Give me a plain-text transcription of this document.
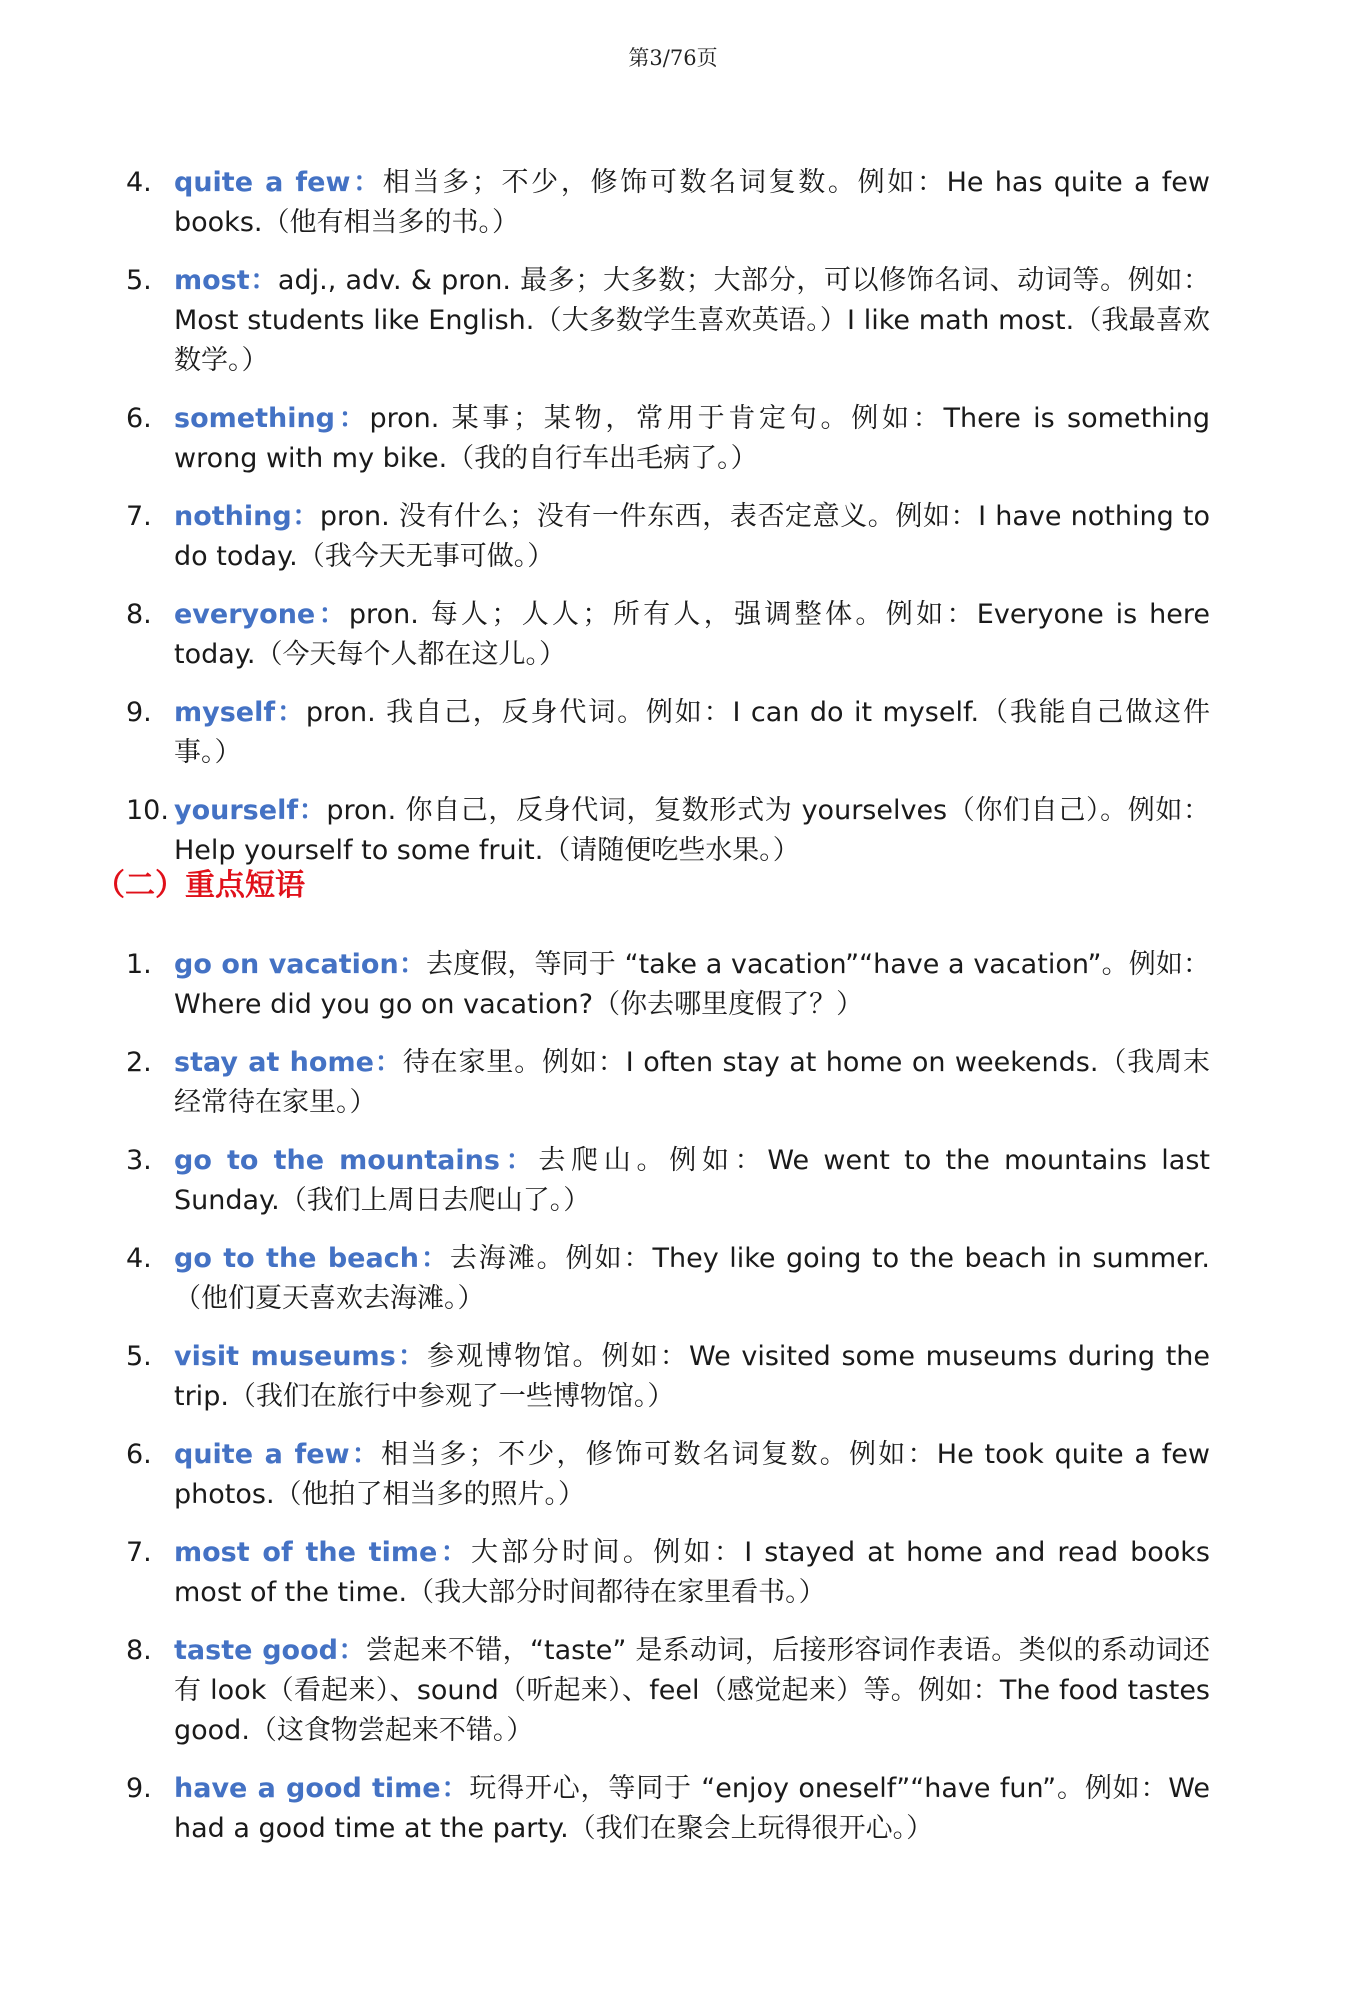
第3/76页
4. quite a few：相当多；不少，修饰可数名词复数。例如：He has quite a few books.（他有相当多的书。）
5. most：adj., adv. & pron. 最多；大多数；大部分，可以修饰名词、动词等。例如：Most students like English.（大多数学生喜欢英语。）I like math most.（我最喜欢数学。）
6. something：pron. 某事；某物，常用于肯定句。例如：There is something wrong with my bike.（我的自行车出毛病了。）
7. nothing：pron. 没有什么；没有一件东西，表否定意义。例如：I have nothing to do today.（我今天无事可做。）
8. everyone：pron. 每人；人人；所有人，强调整体。例如：Everyone is here today.（今天每个人都在这儿。）
9. myself：pron. 我自己，反身代词。例如：I can do it myself.（我能自己做这件事。）
10. yourself：pron. 你自己，反身代词，复数形式为 yourselves（你们自己）。例如：Help yourself to some fruit.（请随便吃些水果。）
（二）重点短语
1. go on vacation：去度假，等同于 “take a vacation”“have a vacation”。例如：Where did you go on vacation?（你去哪里度假了？）
2. stay at home：待在家里。例如：I often stay at home on weekends.（我周末经常待在家里。）
3. go to the mountains：去爬山。例如：We went to the mountains last Sunday.（我们上周日去爬山了。）
4. go to the beach：去海滩。例如：They like going to the beach in summer.（他们夏天喜欢去海滩。）
5. visit museums：参观博物馆。例如：We visited some museums during the trip.（我们在旅行中参观了一些博物馆。）
6. quite a few：相当多；不少，修饰可数名词复数。例如：He took quite a few photos.（他拍了相当多的照片。）
7. most of the time：大部分时间。例如：I stayed at home and read books most of the time.（我大部分时间都待在家里看书。）
8. taste good：尝起来不错，“taste” 是系动词，后接形容词作表语。类似的系动词还有 look（看起来）、sound（听起来）、feel（感觉起来）等。例如：The food tastes good.（这食物尝起来不错。）
9. have a good time：玩得开心，等同于 “enjoy oneself”“have fun”。例如：We had a good time at the party.（我们在聚会上玩得很开心。）
